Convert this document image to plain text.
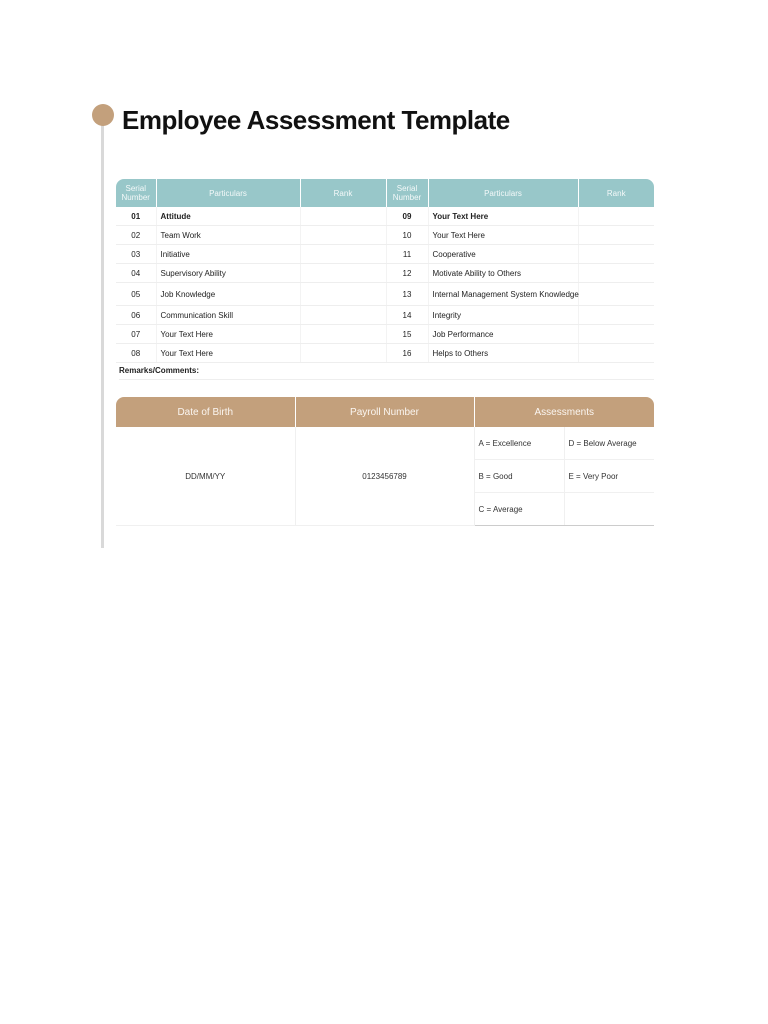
Employee Assessment Template
Serial Number	Particulars	Rank	Serial Number	Particulars	Rank
01	Attitude		09	Your Text Here	
02	Team Work		10	Your Text Here	
03	Initiative		11	Cooperative	
04	Supervisory Ability		12	Motivate Ability to Others	
05	Job Knowledge		13	Internal Management System Knowledge	
06	Communication Skill		14	Integrity	
07	Your Text Here		15	Job Performance	
08	Your Text Here		16	Helps to Others	
Remarks/Comments:
Date of Birth	Payroll Number	Assessments	
DD/MM/YY	0123456789	A = Excellence	D = Below Average
		B = Good	E = Very Poor
		C = Average	
